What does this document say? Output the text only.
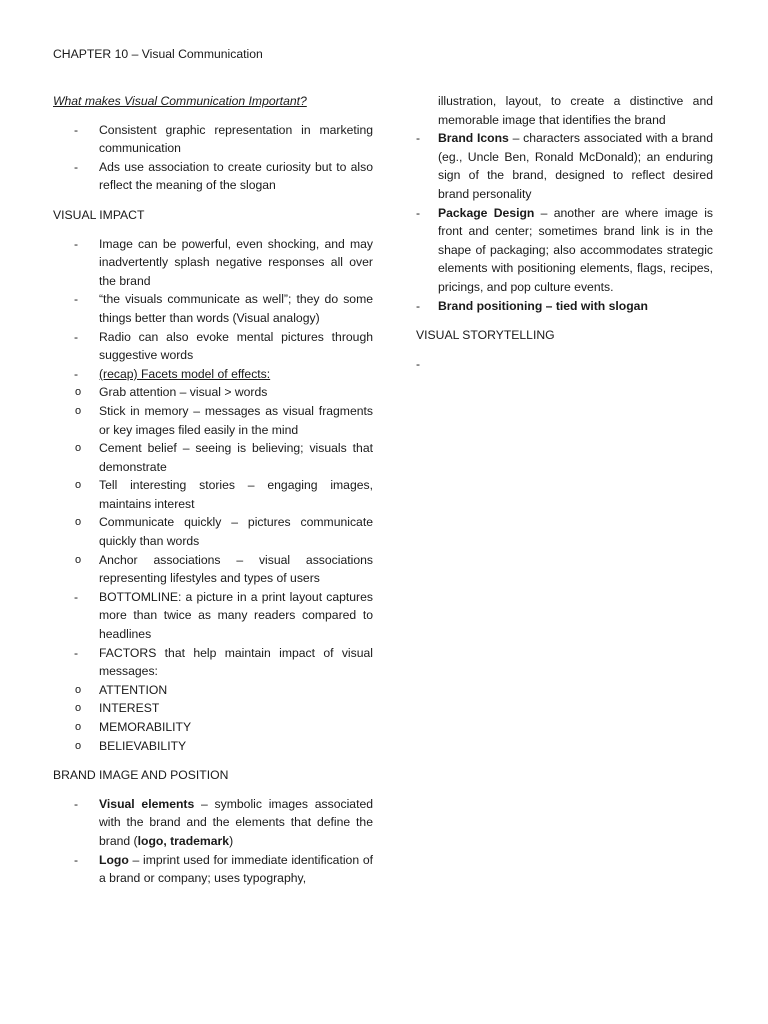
CHAPTER 10 – Visual Communication
What makes Visual Communication Important?
- Consistent graphic representation in marketing communication
- Ads use association to create curiosity but to also reflect the meaning of the slogan
VISUAL IMPACT
- Image can be powerful, even shocking, and may inadvertently splash negative responses all over the brand
- “the visuals communicate as well”; they do some things better than words (Visual analogy)
- Radio can also evoke mental pictures through suggestive words
- (recap) Facets model of effects:
o Grab attention – visual > words
o Stick in memory – messages as visual fragments or key images filed easily in the mind
o Cement belief – seeing is believing; visuals that demonstrate
o Tell interesting stories – engaging images, maintains interest
o Communicate quickly – pictures communicate quickly than words
o Anchor associations – visual associations representing lifestyles and types of users
- BOTTOMLINE: a picture in a print layout captures more than twice as many readers compared to headlines
- FACTORS that help maintain impact of visual messages:
o ATTENTION
o INTEREST
o MEMORABILITY
o BELIEVABILITY
BRAND IMAGE AND POSITION
- Visual elements – symbolic images associated with the brand and the elements that define the brand (logo, trademark)
- Logo – imprint used for immediate identification of a brand or company; uses typography,

illustration, layout, to create a distinctive and memorable image that identifies the brand

- Brand Icons – characters associated with a brand (eg., Uncle Ben, Ronald McDonald); an enduring sign of the brand, designed to reflect desired brand personality
- Package Design – another are where image is front and center; sometimes brand link is in the shape of packaging; also accommodates strategic elements with positioning elements, flags, recipes, pricings, and pop culture events.
- Brand positioning – tied with slogan
VISUAL STORYTELLING
-
